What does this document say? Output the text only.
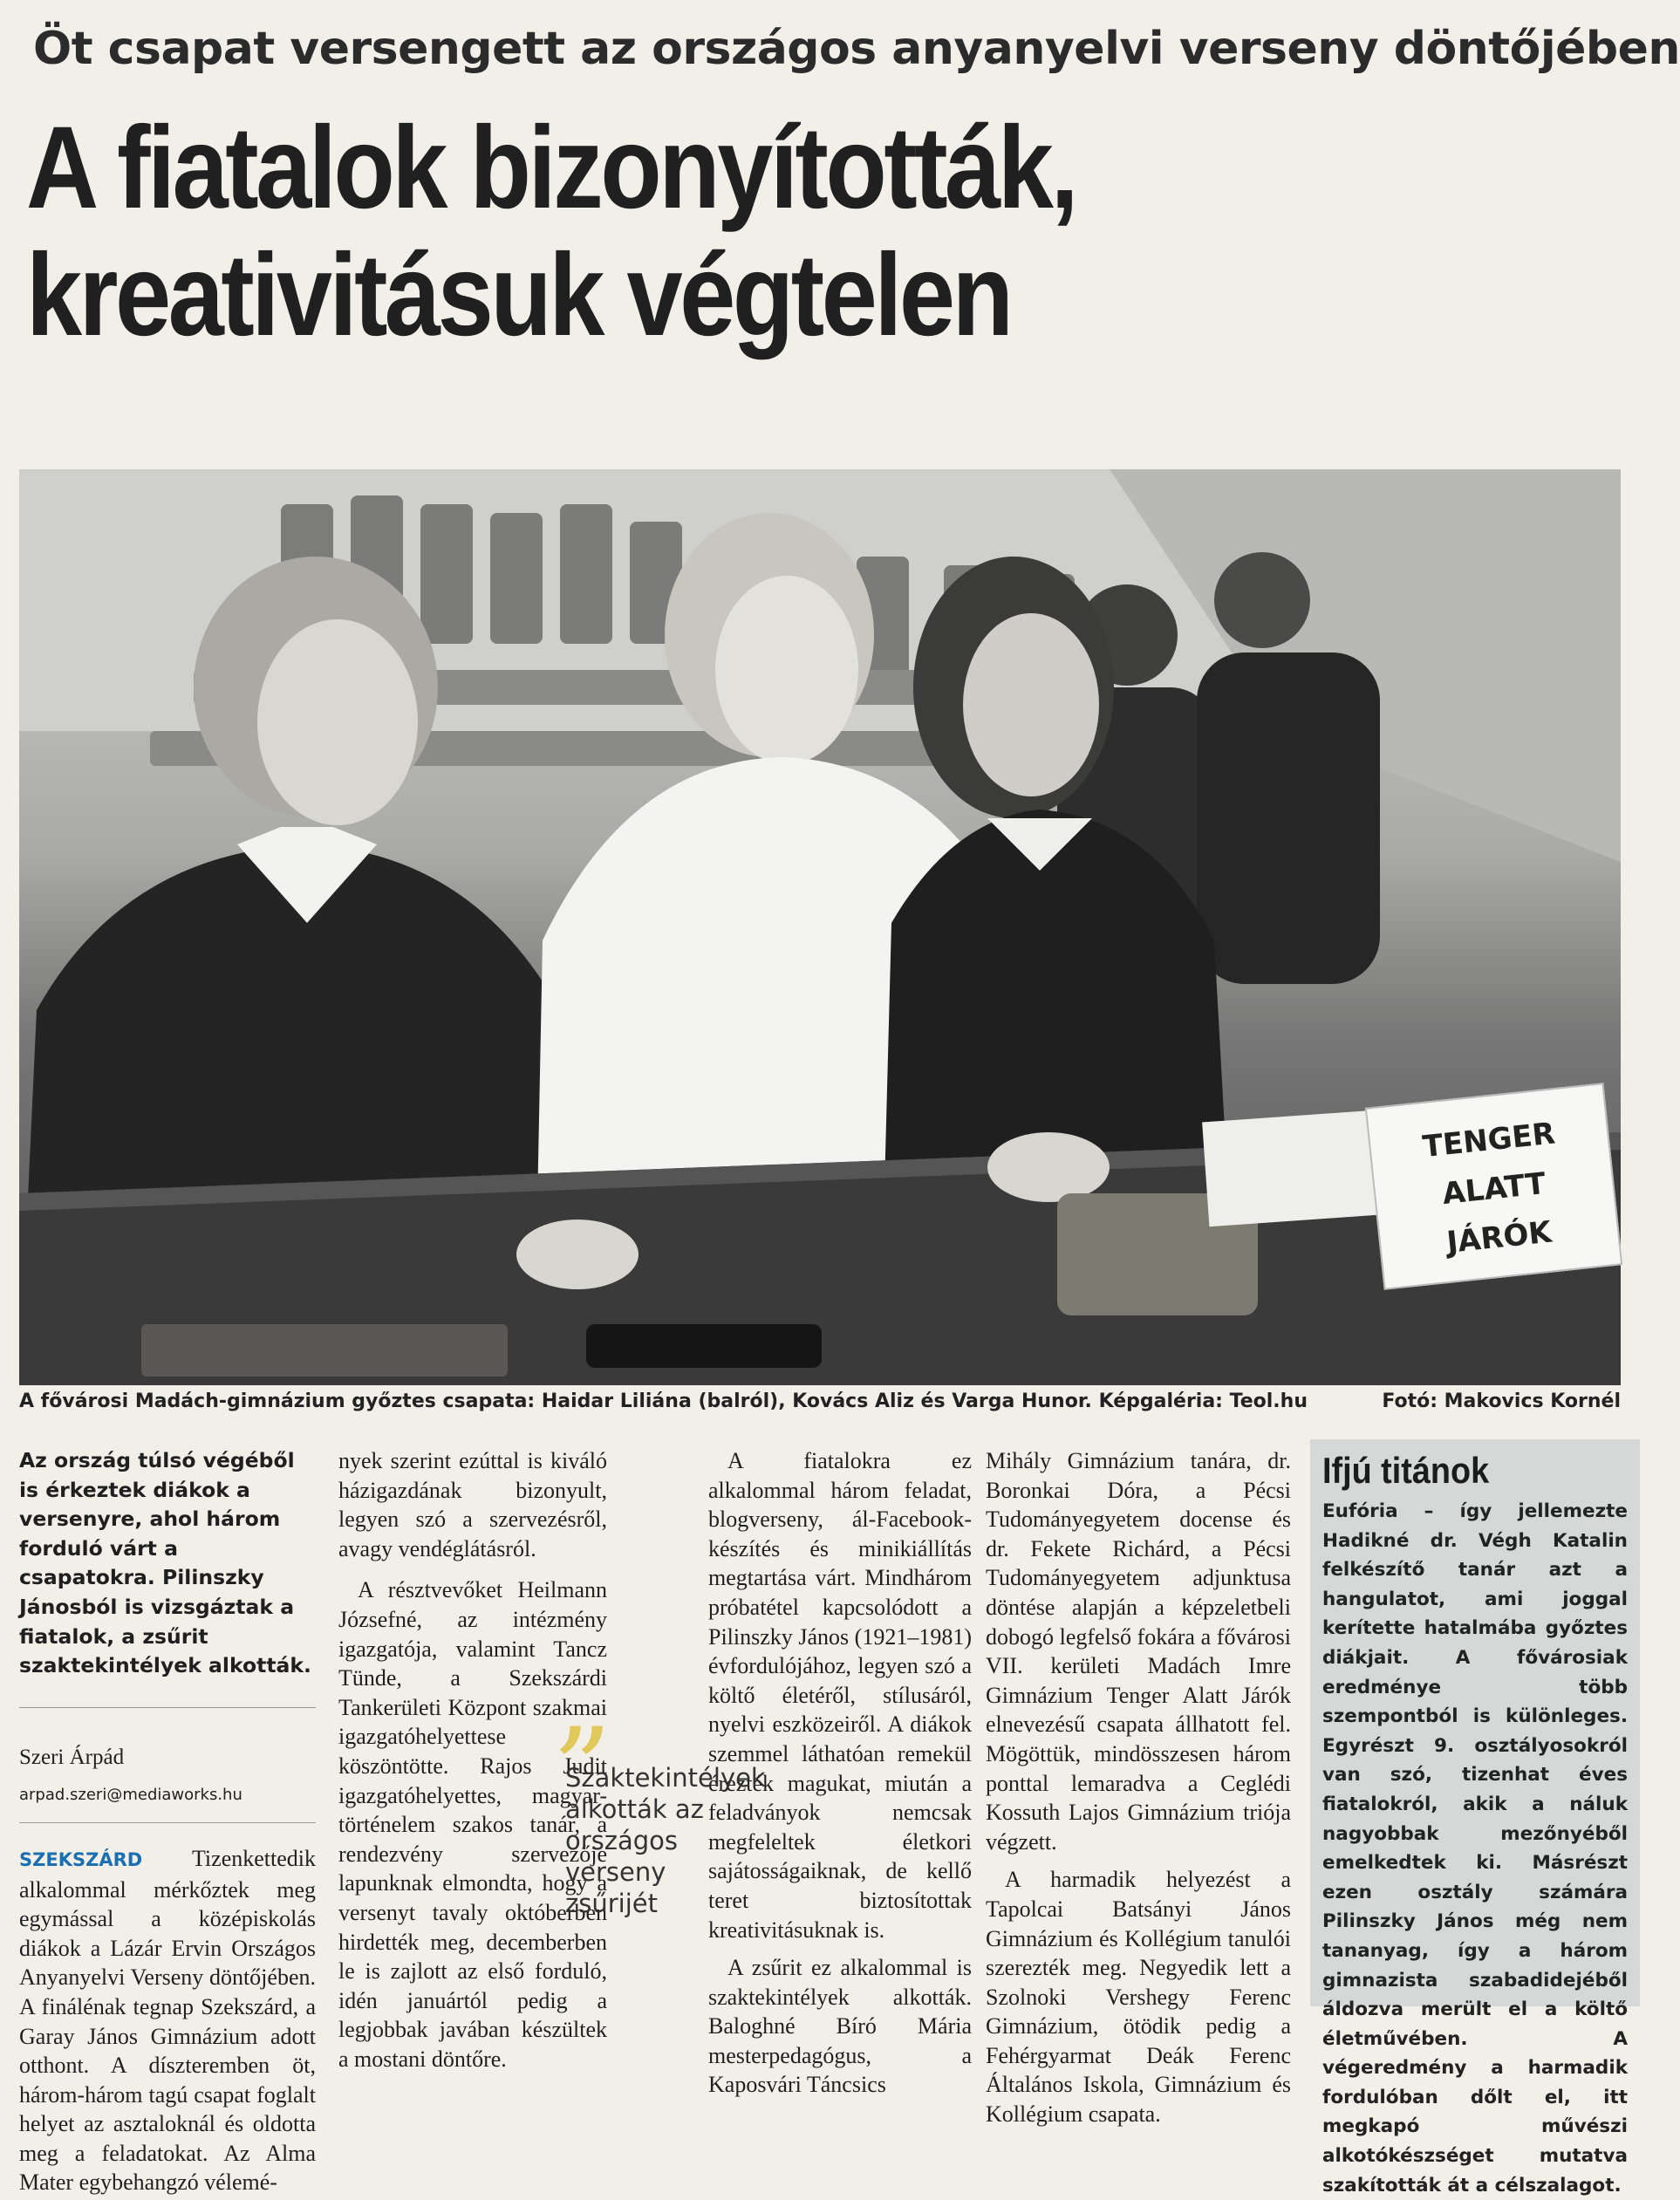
Öt csapat versengett az országos anyanyelvi verseny döntőjében
A fiatalok bizonyították,
kreativitásuk végtelen
TENGER
ALATT
JÁRÓK
A fővárosi Madách-gimnázium győztes csapata: Haidar Liliána (balról), Kovács Aliz és Varga Hunor. Képgaléria: Teol.hu	Fotó: Makovics Kornél

Az ország túlsó végéből is érkeztek diákok a versenyre, ahol három forduló várt a csapatokra. Pilinszky Jánosból is vizsgáztak a fiatalok, a zsűrit szaktekintélyek alkották.

Szeri Árpád
arpad.szeri@mediaworks.hu

SZEKSZÁRD Tizenkettedik alkalommal mérkőztek meg egymással a középiskolás diákok a Lázár Ervin Országos Anyanyelvi Verseny döntőjében. A finálénak tegnap Szekszárd, a Garay János Gimnázium adott otthont. A díszteremben öt, három-három tagú csapat foglalt helyet az asztaloknál és oldotta meg a feladatokat. Az Alma Mater egybehangzó vélemé-

nyek szerint ezúttal is kiváló házigazdának bizonyult, legyen szó a szervezésről, avagy vendéglátásról.

A résztvevőket Heilmann Józsefné, az intézmény igazgatója, valamint Tancz Tünde, a Szekszárdi Tankerületi Központ szakmai igazgatóhelyettese köszöntötte. Rajos Judit igazgatóhelyettes, magyar-történelem szakos tanár, a rendezvény szervezője lapunknak elmondta, hogy a versenyt tavaly októberben hirdették meg, decemberben le is zajlott az első forduló, idén januártól pedig a legjobbak javában készültek a mostani döntőre.

A fiatalokra ez alkalommal három feladat, blogverseny, ál-Facebook-készítés és minikiállítás megtartása várt. Mindhárom próbatétel kapcsolódott a Pilinszky János (1921–1981) évfordulójához, legyen szó a költő életéről, stílusáról, nyelvi eszközeiről. A diákok szemmel láthatóan remekül érezték magukat, miután a feladványok nemcsak megfeleltek életkori sajátosságaiknak, de kellő teret biztosítottak kreativitásuknak is.

A zsűrit ez alkalommal is szaktekintélyek alkották. Baloghné Bíró Mária mesterpedagógus, a Kaposvári Táncsics

„
Szaktekintélyek alkották az országos verseny zsűrijét

Mihály Gimnázium tanára, dr. Boronkai Dóra, a Pécsi Tudományegyetem docense és dr. Fekete Richárd, a Pécsi Tudományegyetem adjunktusa döntése alapján a képzeletbeli dobogó legfelső fokára a fővárosi VII. kerületi Madách Imre Gimnázium Tenger Alatt Járók elnevezésű csapata állhatott fel. Mögöttük, mindösszesen három ponttal lemaradva a Ceglédi Kossuth Lajos Gimnázium triója végzett.

A harmadik helyezést a Tapolcai Batsányi János Gimnázium és Kollégium tanulói szerezték meg. Negyedik lett a Szolnoki Vershegy Ferenc Gimnázium, ötödik pedig a Fehérgyarmat Deák Ferenc Általános Iskola, Gimnázium és Kollégium csapata.

Ifjú titánok

Eufória – így jellemezte Hadikné dr. Végh Katalin felkészítő tanár azt a hangulatot, ami joggal kerítette hatalmába győztes diákjait. A fővárosiak eredménye több szempontból is különleges. Egyrészt 9. osztályosokról van szó, tizenhat éves fiatalokról, akik a náluk nagyobbak mezőnyéből emelkedtek ki. Másrészt ezen osztály számára Pilinszky János még nem tananyag, így a három gimnazista szabadidejéből áldozva merült el a költő életművében. A végeredmény a harmadik fordulóban dőlt el, itt megkapó művészi alkotókészséget mutatva szakították át a célszalagot.
